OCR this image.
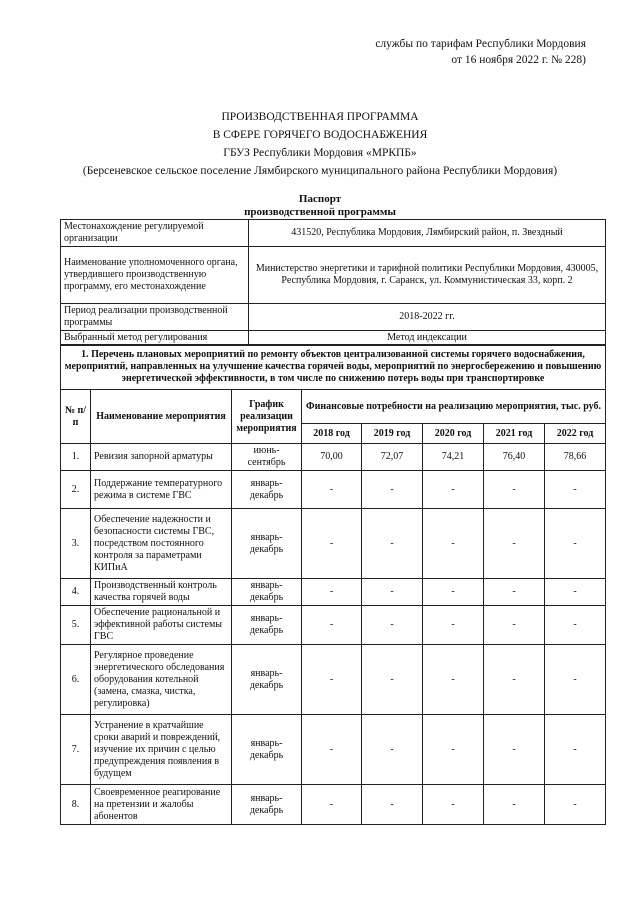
службы по тарифам Республики Мордовия
от 16 ноября 2022 г. № 228)
ПРОИЗВОДСТВЕННАЯ ПРОГРАММА
В СФЕРЕ ГОРЯЧЕГО ВОДОСНАБЖЕНИЯ
ГБУЗ Республики Мордовия «МРКПБ»
(Берсеневское сельское поселение Лямбирского муниципального района Республики Мордовия)
Паспорт
производственной программы
Местонахождение регулируемой организации	431520, Республика Мордовия, Лямбирский район, п. Звездный
Наименование уполномоченного органа, утвердившего производственную программу, его местонахождение	Министерство энергетики и тарифной политики Республики Мордовия, 430005, Республика Мордовия, г. Саранск, ул. Коммунистическая 33, корп. 2
Период реализации производственной программы	2018-2022 гг.
Выбранный метод регулирования	Метод индексации
1. Перечень плановых мероприятий по ремонту объектов централизованной системы горячего водоснабжения, мероприятий, направленных на улучшение качества горячей воды, мероприятий по энергосбережению и повышению энергетической эффективности, в том числе по снижению потерь воды при транспортировке							
№ п/п	Наименование мероприятия	График реализации мероприятия	Финансовые потребности на реализацию мероприятия, тыс. руб.				
			2018 год	2019 год	2020 год	2021 год	2022 год
1.	Ревизия запорной арматуры	июнь-сентябрь	70,00	72,07	74,21	76,40	78,66
2.	Поддержание температурного режима в системе ГВС	январь-декабрь	-	-	-	-	-
3.	Обеспечение надежности и безопасности системы ГВС, посредством постоянного контроля за параметрами КИПиА	январь-декабрь	-	-	-	-	-
4.	Производственный контроль качества горячей воды	январь-декабрь	-	-	-	-	-
5.	Обеспечение рациональной и эффективной работы системы ГВС	январь-декабрь	-	-	-	-	-
6.	Регулярное проведение энергетического обследования оборудования котельной (замена, смазка, чистка, регулировка)	январь-декабрь	-	-	-	-	-
7.	Устранение в кратчайшие сроки аварий и повреждений, изучение их причин с целью предупреждения появления в будущем	январь-декабрь	-	-	-	-	-
8.	Своевременное реагирование на претензии и жалобы абонентов	январь-декабрь	-	-	-	-	-
